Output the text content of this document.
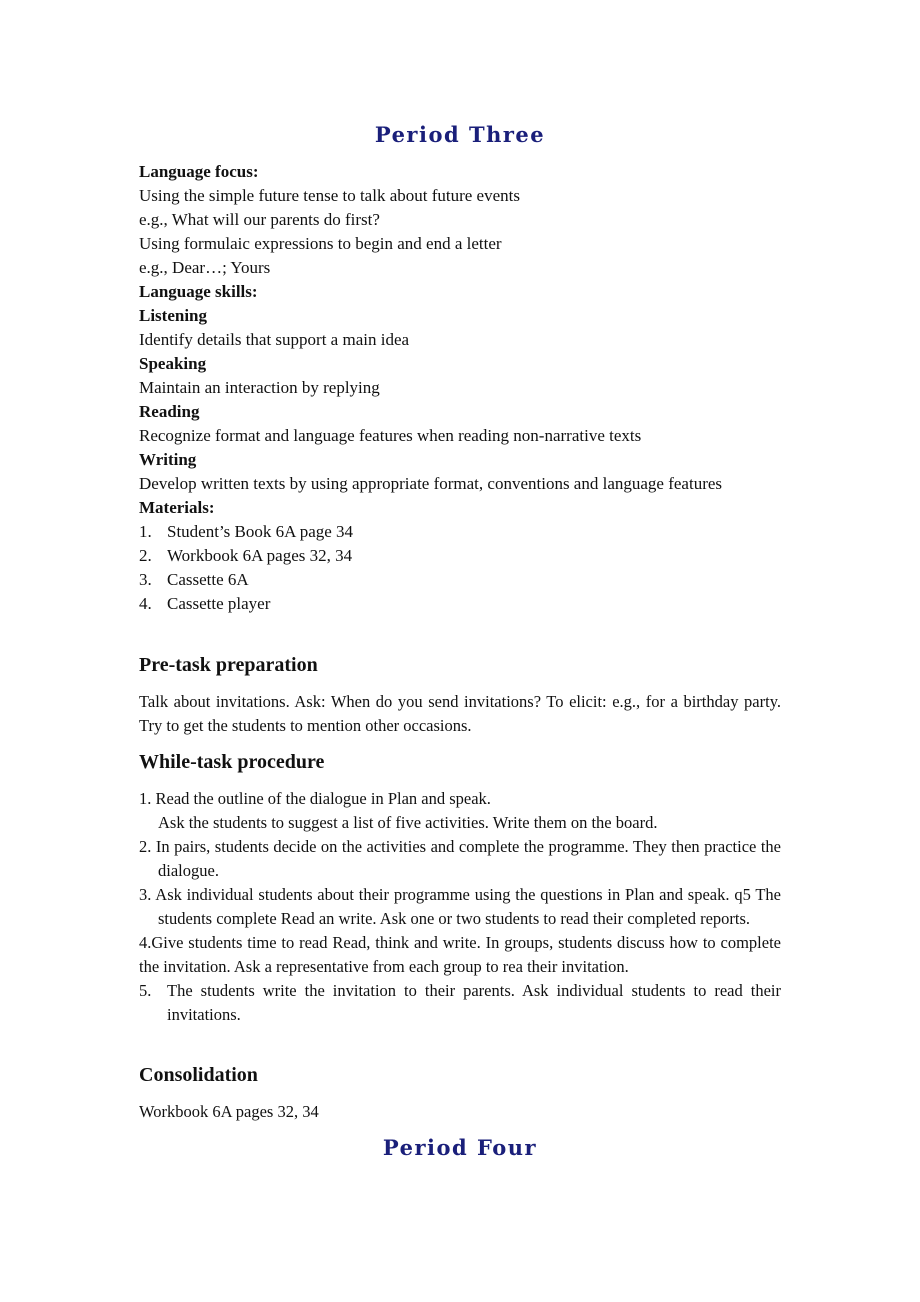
Period Three
Language focus:
Using the simple future tense to talk about future events
e.g., What will our parents do first?
Using formulaic expressions to begin and end a letter
e.g., Dear…; Yours
Language skills:
Listening
Identify details that support a main idea
Speaking
Maintain an interaction by replying
Reading
Recognize format and language features when reading non-narrative texts
Writing
Develop written texts by using appropriate format, conventions and language features
Materials:
1. Student’s Book 6A page 34
2. Workbook 6A pages 32, 34
3. Cassette 6A
4. Cassette player
Pre-task preparation
Talk about invitations. Ask: When do you send invitations? To elicit: e.g., for a birthday party. Try to get the students to mention other occasions.
While-task procedure
1. Read the outline of the dialogue in Plan and speak.
Ask the students to suggest a list of five activities. Write them on the board.
2. In pairs, students decide on the activities and complete the programme. They then practice the dialogue.
3. Ask individual students about their programme using the questions in Plan and speak. q5 The students complete Read an write. Ask one or two students to read their completed reports.
4.Give students time to read Read, think and write. In groups, students discuss how to complete the invitation. Ask a representative from each group to rea their invitation.
5. The students write the invitation to their parents. Ask individual students to read their invitations.
Consolidation
Workbook 6A pages 32, 34
Period Four
